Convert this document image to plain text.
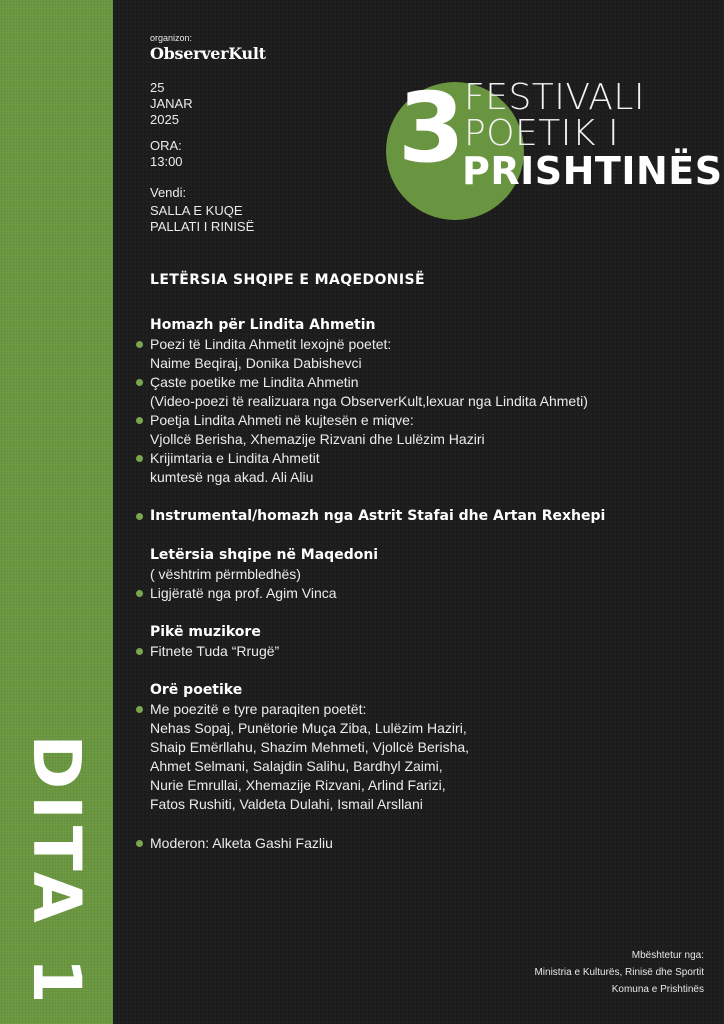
DITA 1
organizon:
ObserverKult
25
JANAR
2025
ORA:
13:00
Vendi:
SALLA E KUQE
PALLATI I RINISË
3 FESTIVALI
POETIK I
PRISHTINËS
LETËRSIA SHQIPE E MAQEDONISË
Homazh për Lindita Ahmetin
Poezi të Lindita Ahmetit lexojnë poetet:
Naime Beqiraj, Donika Dabishevci
Çaste poetike me Lindita Ahmetin
(Video-poezi të realizuara nga ObserverKult,lexuar nga Lindita Ahmeti)
Poetja Lindita Ahmeti në kujtesën e miqve:
Vjollcë Berisha, Xhemazije Rizvani dhe Lulëzim Haziri
Krijimtaria e Lindita Ahmetit
kumtesë nga akad. Ali Aliu
Instrumental/homazh nga Astrit Stafai dhe Artan Rexhepi
Letërsia shqipe në Maqedoni
( vështrim përmbledhës)
Ligjëratë nga prof. Agim Vinca
Pikë muzikore
Fitnete Tuda “Rrugë”
Orë poetike
Me poezitë e tyre paraqiten poetët:
Nehas Sopaj, Punëtorie Muça Ziba, Lulëzim Haziri,
Shaip Emërllahu, Shazim Mehmeti, Vjollcë Berisha,
Ahmet Selmani, Salajdin Salihu, Bardhyl Zaimi,
Nurie Emrullai, Xhemazije Rizvani, Arlind Farizi,
Fatos Rushiti, Valdeta Dulahi, Ismail Arsllani
Moderon: Alketa Gashi Fazliu
Mbështetur nga:
Ministria e Kulturës, Rinisë dhe Sportit
Komuna e Prishtinës
